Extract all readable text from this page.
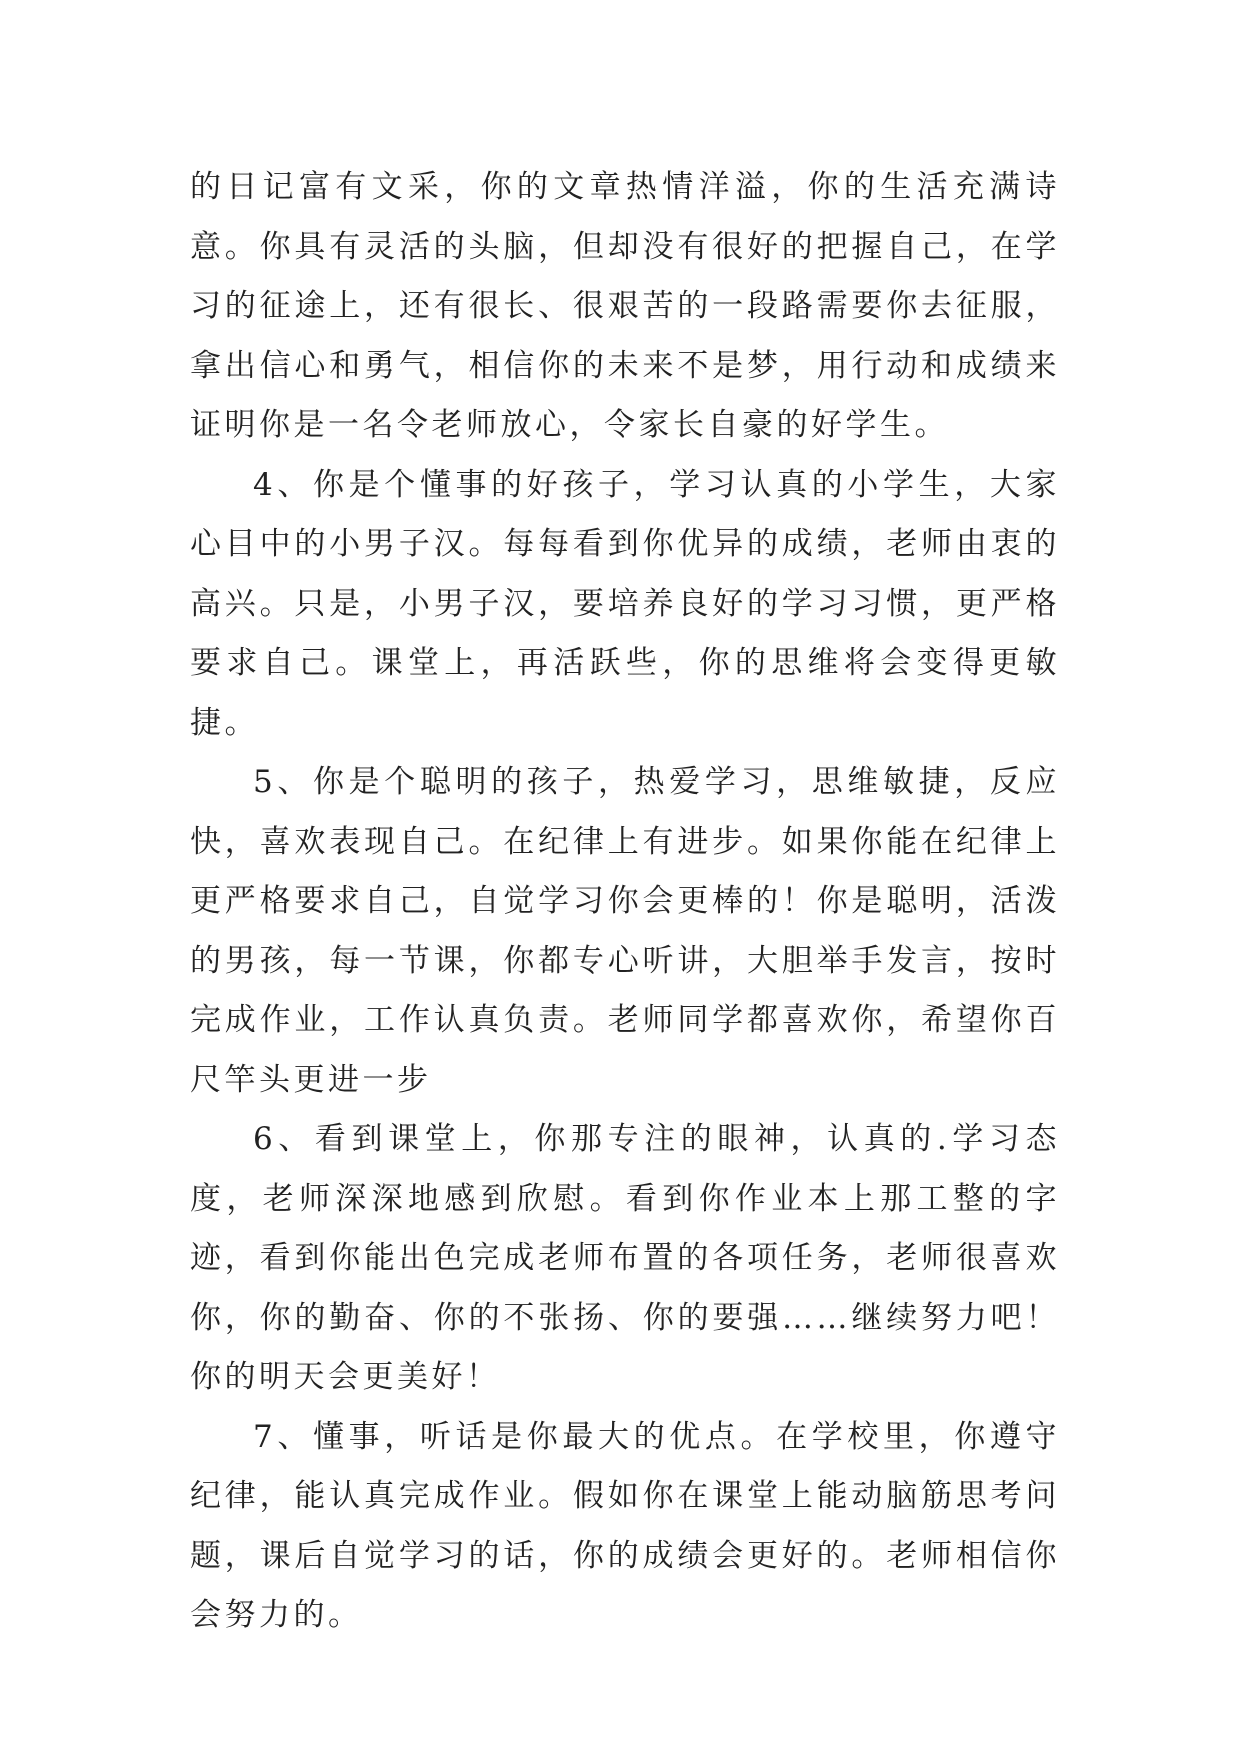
的日记富有文采，你的文章热情洋溢，你的生活充满诗意。你具有灵活的头脑，但却没有很好的把握自己，在学习的征途上，还有很长、很艰苦的一段路需要你去征服，拿出信心和勇气，相信你的未来不是梦，用行动和成绩来证明你是一名令老师放心，令家长自豪的好学生。

4、你是个懂事的好孩子，学习认真的小学生，大家心目中的小男子汉。每每看到你优异的成绩，老师由衷的高兴。只是，小男子汉，要培养良好的学习习惯，更严格要求自己。课堂上，再活跃些，你的思维将会变得更敏捷。

5、你是个聪明的孩子，热爱学习，思维敏捷，反应快，喜欢表现自己。在纪律上有进步。如果你能在纪律上更严格要求自己，自觉学习你会更棒的！你是聪明，活泼的男孩，每一节课，你都专心听讲，大胆举手发言，按时完成作业，工作认真负责。老师同学都喜欢你，希望你百尺竿头更进一步

6、看到课堂上，你那专注的眼神，认真的.学习态度，老师深深地感到欣慰。看到你作业本上那工整的字迹，看到你能出色完成老师布置的各项任务，老师很喜欢你，你的勤奋、你的不张扬、你的要强……继续努力吧！你的明天会更美好！

7、懂事，听话是你最大的优点。在学校里，你遵守纪律，能认真完成作业。假如你在课堂上能动脑筋思考问题，课后自觉学习的话，你的成绩会更好的。老师相信你会努力的。
